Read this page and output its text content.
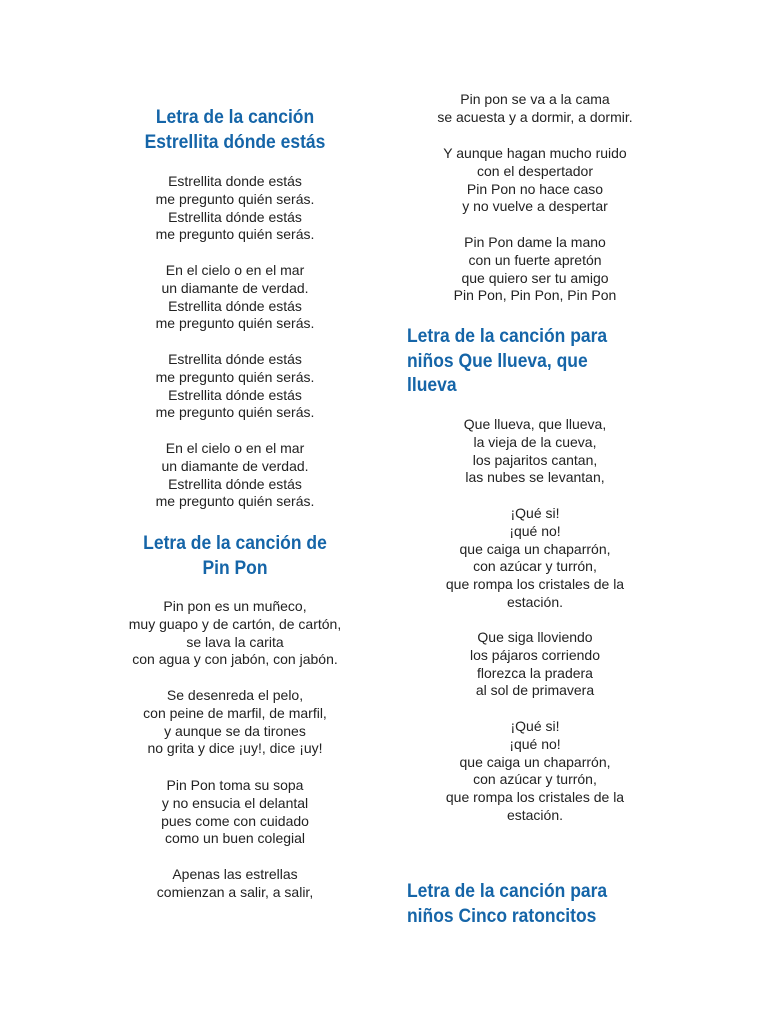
Letra de la canción
Estrellita dónde estás
Estrellita donde estás
me pregunto quién serás.
Estrellita dónde estás
me pregunto quién serás.
En el cielo o en el mar
un diamante de verdad.
Estrellita dónde estás
me pregunto quién serás.
Estrellita dónde estás
me pregunto quién serás.
Estrellita dónde estás
me pregunto quién serás.
En el cielo o en el mar
un diamante de verdad.
Estrellita dónde estás
me pregunto quién serás.
Letra de la canción de
Pin Pon
Pin pon es un muñeco,
muy guapo y de cartón, de cartón,
se lava la carita
con agua y con jabón, con jabón.
Se desenreda el pelo,
con peine de marfil, de marfil,
y aunque se da tirones
no grita y dice ¡uy!, dice ¡uy!
Pin Pon toma su sopa
y no ensucia el delantal
pues come con cuidado
como un buen colegial
Apenas las estrellas
comienzan a salir, a salir,
Pin pon se va a la cama
se acuesta y a dormir, a dormir.
Y aunque hagan mucho ruido
con el despertador
Pin Pon no hace caso
y no vuelve a despertar
Pin Pon dame la mano
con un fuerte apretón
que quiero ser tu amigo
Pin Pon, Pin Pon, Pin Pon
Letra de la canción para
niños Que llueva, que
llueva
Que llueva, que llueva,
la vieja de la cueva,
los pajaritos cantan,
las nubes se levantan,
¡Qué si!
¡qué no!
que caiga un chaparrón,
con azúcar y turrón,
que rompa los cristales de la
estación.
Que siga lloviendo
los pájaros corriendo
florezca la pradera
al sol de primavera
¡Qué si!
¡qué no!
que caiga un chaparrón,
con azúcar y turrón,
que rompa los cristales de la
estación.
Letra de la canción para
niños Cinco ratoncitos
